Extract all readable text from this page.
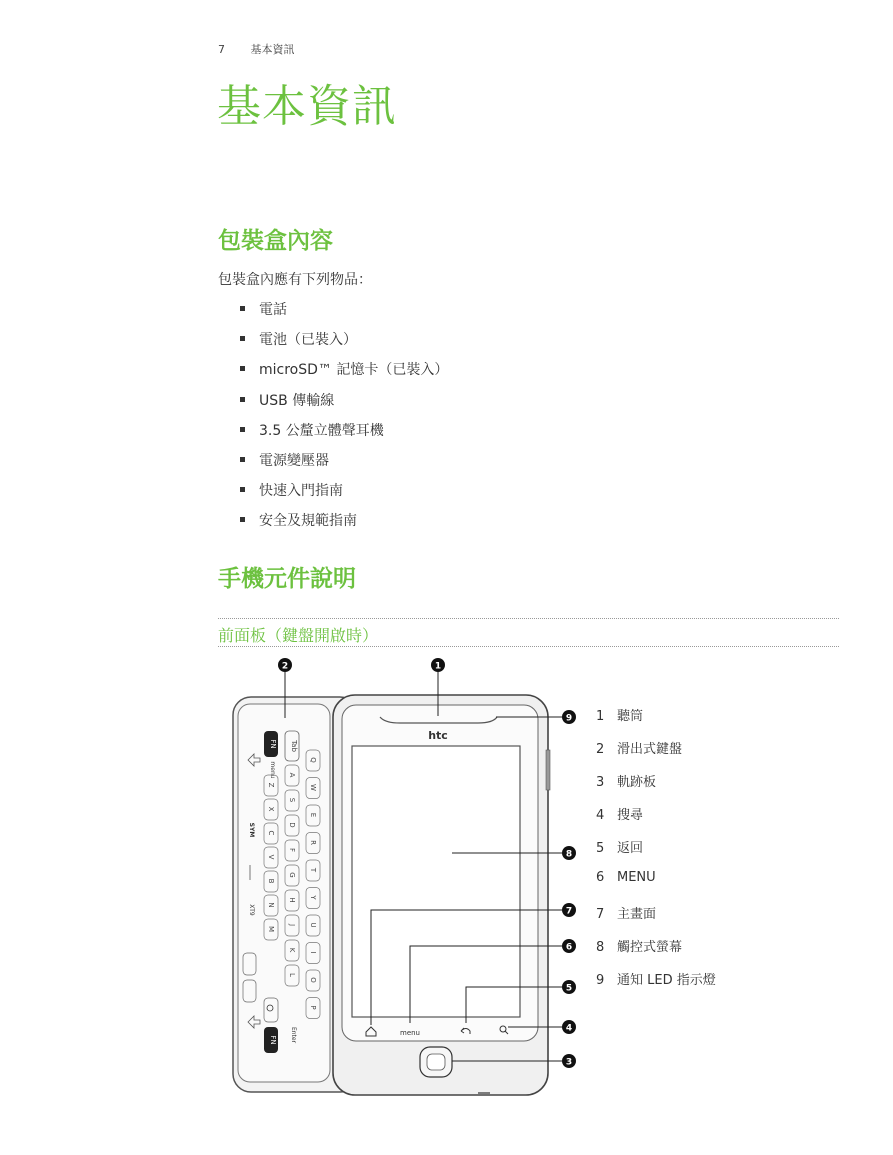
7 基本資訊
基本資訊
包裝盒內容
包裝盒內應有下列物品：
電話
電池（已裝入）
microSD™ 記憶卡（已裝入）
USB 傳輸線
3.5 公釐立體聲耳機
電源變壓器
快速入門指南
安全及規範指南
手機元件說明
前面板（鍵盤開啟時）
htc
menu
FN
FN
Tab
menu
SYM
XT9
Enter
Q
W
E
R
T
Y
U
I
O
P
A
S
D
F
G
H
J
K
L
Z
X
C
V
B
N
M
1
2
3
4
5
6
7
8
9 1 聽筒
2 滑出式鍵盤
3 軌跡板
4 搜尋
5 返回
6 MENU
7 主畫面
8 觸控式螢幕
9 通知 LED 指示燈
